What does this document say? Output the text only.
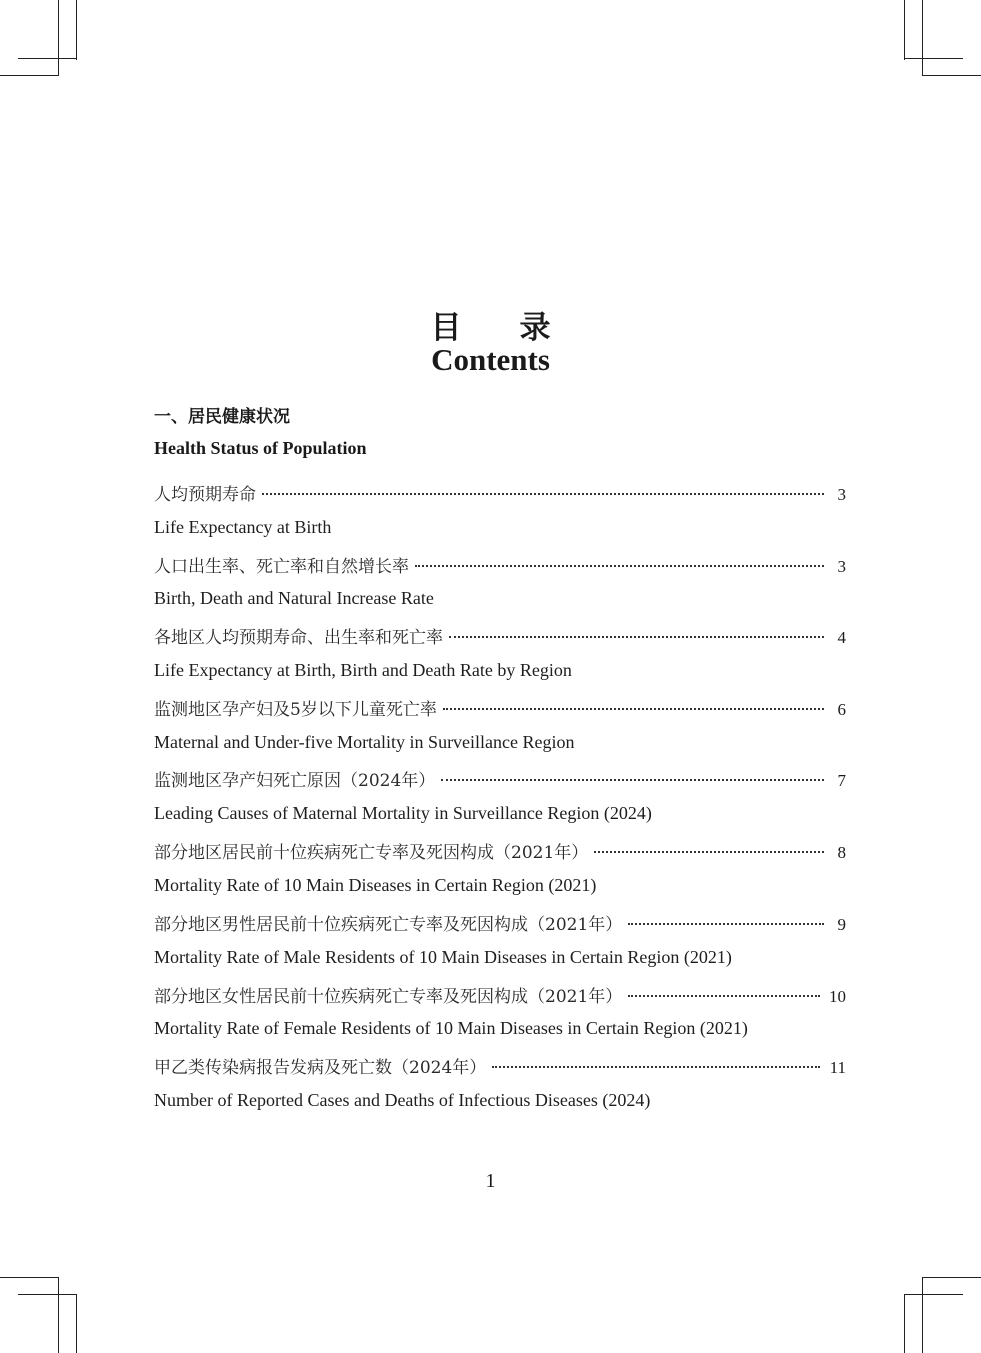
目 录
Contents
一、居民健康状况
Health Status of Population
人均预期寿命	3
Life Expectancy at Birth
人口出生率、死亡率和自然增长率	3
Birth, Death and Natural Increase Rate
各地区人均预期寿命、出生率和死亡率	4
Life Expectancy at Birth, Birth and Death Rate by Region
监测地区孕产妇及5岁以下儿童死亡率	6
Maternal and Under-five Mortality in Surveillance Region
监测地区孕产妇死亡原因（2024年）	7
Leading Causes of Maternal Mortality in Surveillance Region (2024)
部分地区居民前十位疾病死亡专率及死因构成（2021年）	8
Mortality Rate of 10 Main Diseases in Certain Region (2021)
部分地区男性居民前十位疾病死亡专率及死因构成（2021年）	9
Mortality Rate of Male Residents of 10 Main Diseases in Certain Region (2021)
部分地区女性居民前十位疾病死亡专率及死因构成（2021年）	10
Mortality Rate of Female Residents of 10 Main Diseases in Certain Region (2021)
甲乙类传染病报告发病及死亡数（2024年）	11
Number of Reported Cases and Deaths of Infectious Diseases (2024)
1
